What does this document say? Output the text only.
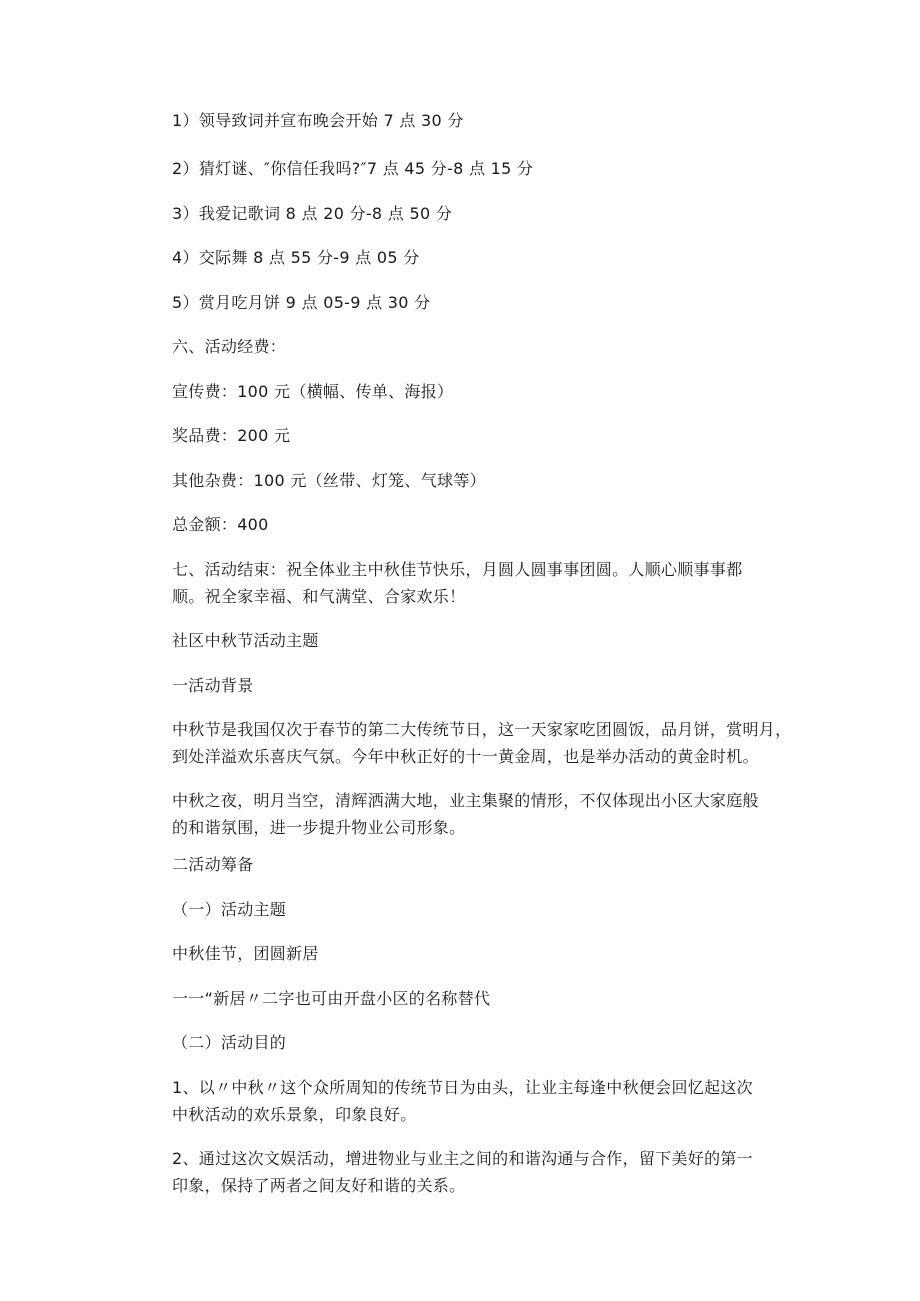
1）领导致词并宣布晚会开始 7 点 30 分
2）猜灯谜、″你信任我吗?″7 点 45 分-8 点 15 分
3）我爱记歌词 8 点 20 分-8 点 50 分
4）交际舞 8 点 55 分-9 点 05 分
5）赏月吃月饼 9 点 05-9 点 30 分
六、活动经费：
宣传费：100 元（横幅、传单、海报）
奖品费：200 元
其他杂费：100 元（丝带、灯笼、气球等）
总金额：400
七、活动结束：祝全体业主中秋佳节快乐，月圆人圆事事团圆。人顺心顺事事都
顺。祝全家幸福、和气满堂、合家欢乐！
社区中秋节活动主题
一活动背景
中秋节是我国仅次于春节的第二大传统节日，这一天家家吃团圆饭，品月饼，赏明月，
到处洋溢欢乐喜庆气氛。今年中秋正好的十一黄金周，也是举办活动的黄金时机。
中秋之夜，明月当空，清辉洒满大地，业主集聚的情形，不仅体现出小区大家庭般
的和谐氛围，进一步提升物业公司形象。
二活动筹备
（一）活动主题
中秋佳节，团圆新居
一一“新居〃二字也可由开盘小区的名称替代
（二）活动目的
1、以〃中秋〃这个众所周知的传统节日为由头，让业主每逢中秋便会回忆起这次
中秋活动的欢乐景象，印象良好。
2、通过这次文娱活动，增进物业与业主之间的和谐沟通与合作，留下美好的第一
印象，保持了两者之间友好和谐的关系。
